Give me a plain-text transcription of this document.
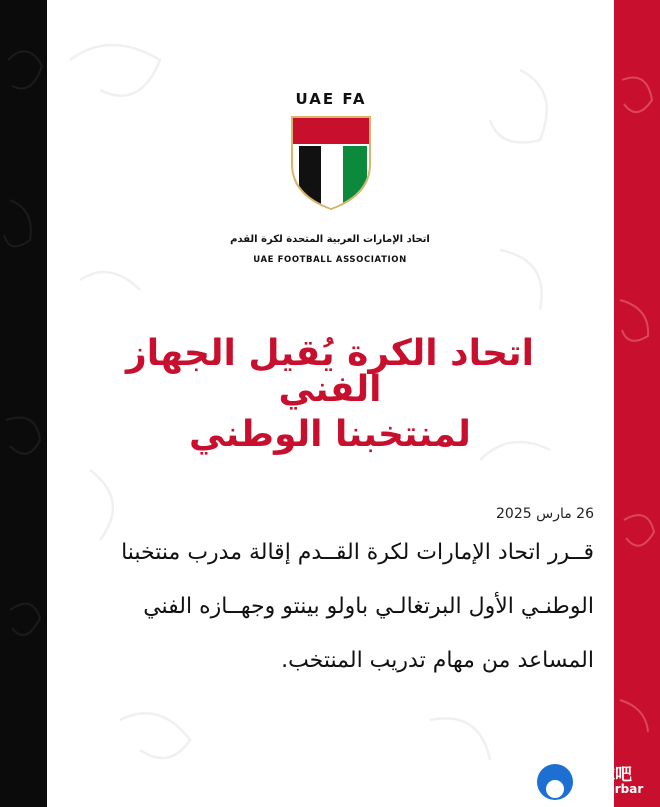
UAE FA
اتحاد الإمارات العربية المتحدة لكرة القدم
UAE FOOTBALL ASSOCIATION
اتحاد الكرة يُقيل الجهاز الفني
لمنتخبنا الوطني
26 مارس 2025
قــرر اتحاد الإمارات لكرة القــدم إقالة مدرب منتخبنا
الوطنـي الأول البرتغالـي باولو بينتو وجهــازه الفني
المساعد من مهام تدريب المنتخب.
足球吧
soccerbar
